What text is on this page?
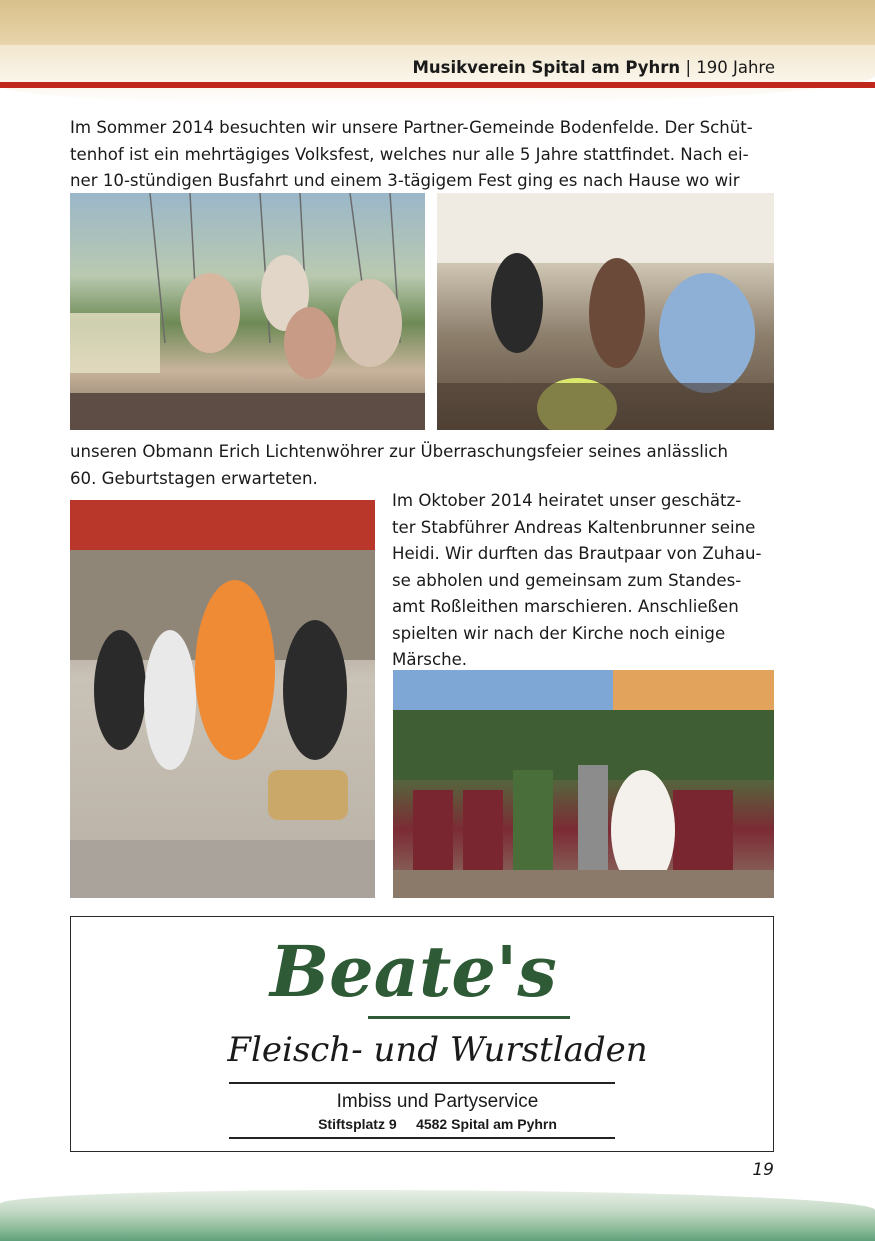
Musikverein Spital am Pyhrn | 190 Jahre
Im Sommer 2014 besuchten wir unsere Partner-Gemeinde Bodenfelde. Der Schüt-
tenhof ist ein mehrtägiges Volksfest, welches nur alle 5 Jahre stattfindet. Nach ei-
ner 10-stündigen Busfahrt und einem 3-tägigem Fest ging es nach Hause wo wir
unseren Obmann Erich Lichtenwöhrer zur Überraschungsfeier seines anlässlich
60. Geburtstagen erwarteten.
Im Oktober 2014 heiratet unser geschätz-
ter Stabführer Andreas Kaltenbrunner seine
Heidi. Wir durften das Brautpaar von Zuhau-
se abholen und gemeinsam zum Standes-
amt Roßleithen marschieren. Anschließen
spielten wir nach der Kirche noch einige
Märsche.
Beate's
Fleisch- und Wurstladen
Imbiss und Partyservice
Stiftsplatz 9     4582 Spital am Pyhrn
19
